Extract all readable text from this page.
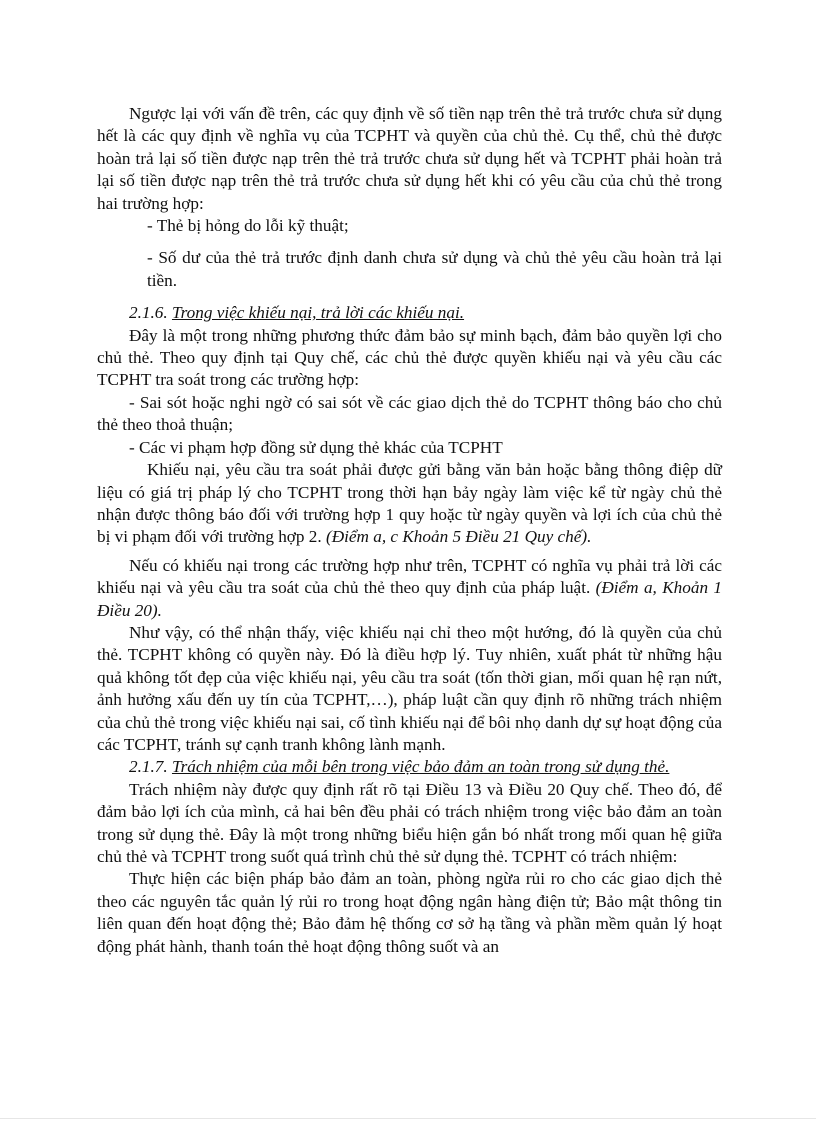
Ngược lại với vấn đề trên, các quy định về số tiền nạp trên thẻ trả trước chưa sử dụng hết là các quy định về nghĩa vụ của TCPHT và quyền của chủ thẻ. Cụ thể, chủ thẻ được hoàn trả lại số tiền được nạp trên thẻ trả trước chưa sử dụng hết và TCPHT phải hoàn trả lại số tiền được nạp trên thẻ trả trước chưa sử dụng hết khi có yêu cầu của chủ thẻ trong hai trường hợp:

- Thẻ bị hỏng do lỗi kỹ thuật;

- Số dư của thẻ trả trước định danh chưa sử dụng và chủ thẻ yêu cầu hoàn trả lại tiền.

2.1.6. Trong việc khiếu nại, trả lời các khiếu nại.

Đây là một trong những phương thức đảm bảo sự minh bạch, đảm bảo quyền lợi cho chủ thẻ. Theo quy định tại Quy chế, các chủ thẻ được quyền khiếu nại và yêu cầu các TCPHT tra soát trong các trường hợp:

- Sai sót hoặc nghi ngờ có sai sót về các giao dịch thẻ do TCPHT thông báo cho chủ thẻ theo thoả thuận;

- Các vi phạm hợp đồng sử dụng thẻ khác của TCPHT

Khiếu nại, yêu cầu tra soát phải được gửi bằng văn bản hoặc bằng thông điệp dữ liệu có giá trị pháp lý cho TCPHT trong thời hạn bảy ngày làm việc kể từ ngày chủ thẻ nhận được thông báo đối với trường hợp 1 quy hoặc từ ngày quyền và lợi ích của chủ thẻ bị vi phạm đối với trường hợp 2. (Điểm a, c Khoản 5 Điều 21 Quy chế).

Nếu có khiếu nại trong các trường hợp như trên, TCPHT có nghĩa vụ phải trả lời các khiếu nại và yêu cầu tra soát của chủ thẻ theo quy định của pháp luật. (Điểm a, Khoản 1 Điều 20).

Như vậy, có thể nhận thấy, việc khiếu nại chỉ theo một hướng, đó là quyền của chủ thẻ. TCPHT không có quyền này. Đó là điều hợp lý. Tuy nhiên, xuất phát từ những hậu quả không tốt đẹp của việc khiếu nại, yêu cầu tra soát (tốn thời gian, mối quan hệ rạn nứt, ảnh hưởng xấu đến uy tín của TCPHT,…), pháp luật cần quy định rõ những trách nhiệm của chủ thẻ trong việc khiếu nại sai, cố tình khiếu nại để bôi nhọ danh dự sự hoạt động của các TCPHT, tránh sự cạnh tranh không lành mạnh.

2.1.7. Trách nhiệm của mỗi bên trong việc bảo đảm an toàn trong sử dụng thẻ.

Trách nhiệm này được quy định rất rõ tại Điều 13 và Điều 20 Quy chế. Theo đó, để đảm bảo lợi ích của mình, cả hai bên đều phải có trách nhiệm trong việc bảo đảm an toàn trong sử dụng thẻ. Đây là một trong những biểu hiện gắn bó nhất trong mối quan hệ giữa chủ thẻ và TCPHT trong suốt quá trình chủ thẻ sử dụng thẻ. TCPHT có trách nhiệm:

Thực hiện các biện pháp bảo đảm an toàn, phòng ngừa rủi ro cho các giao dịch thẻ theo các nguyên tắc quản lý rủi ro trong hoạt động ngân hàng điện tử; Bảo mật thông tin liên quan đến hoạt động thẻ; Bảo đảm hệ thống cơ sở hạ tầng và phần mềm quản lý hoạt động phát hành, thanh toán thẻ hoạt động thông suốt và an
